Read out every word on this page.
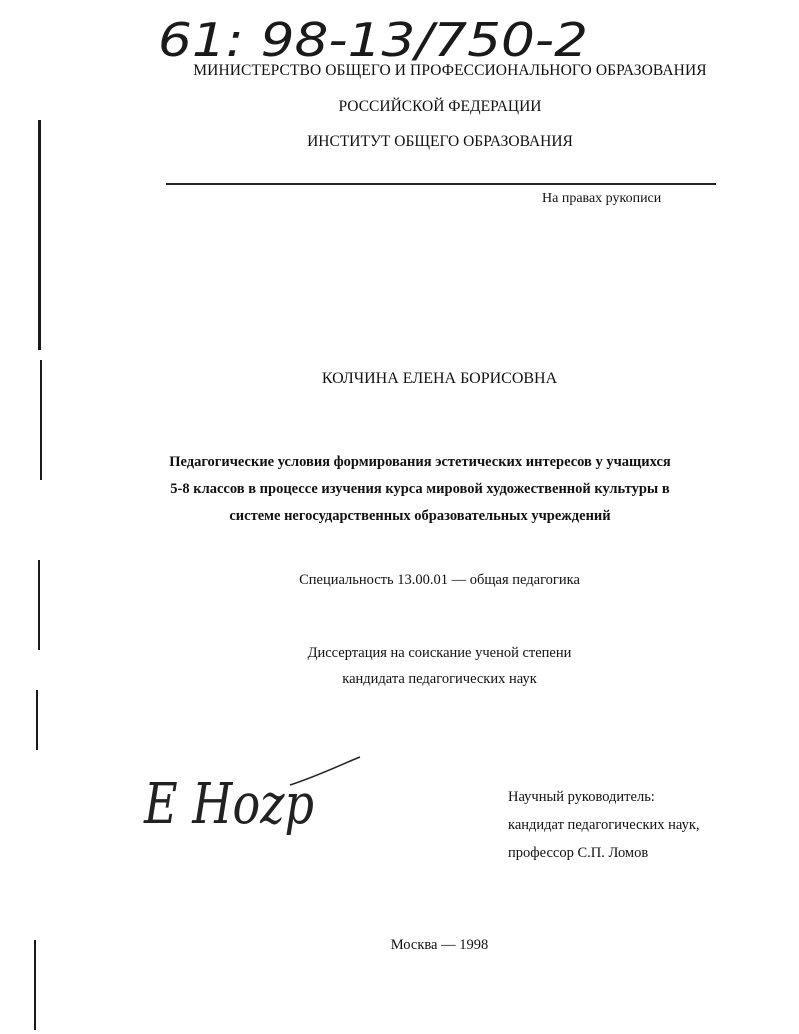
61: 98-13/750-2
МИНИСТЕРСТВО ОБЩЕГО И ПРОФЕССИОНАЛЬНОГО ОБРАЗОВАНИЯ
РОССИЙСКОЙ ФЕДЕРАЦИИ
ИНСТИТУТ ОБЩЕГО ОБРАЗОВАНИЯ
На правах рукописи
КОЛЧИНА ЕЛЕНА БОРИСОВНА
Педагогические условия формирования эстетических интересов у учащихся
5-8 классов в процессе изучения курса мировой художественной культуры в
системе негосударственных образовательных учреждений
Специальность 13.00.01 — общая педагогика
Диссертация на соискание ученой степени
кандидата педагогических наук
E Hozp	Научный руководитель:
кандидат педагогических наук,
профессор С.П. Ломов
Москва — 1998
